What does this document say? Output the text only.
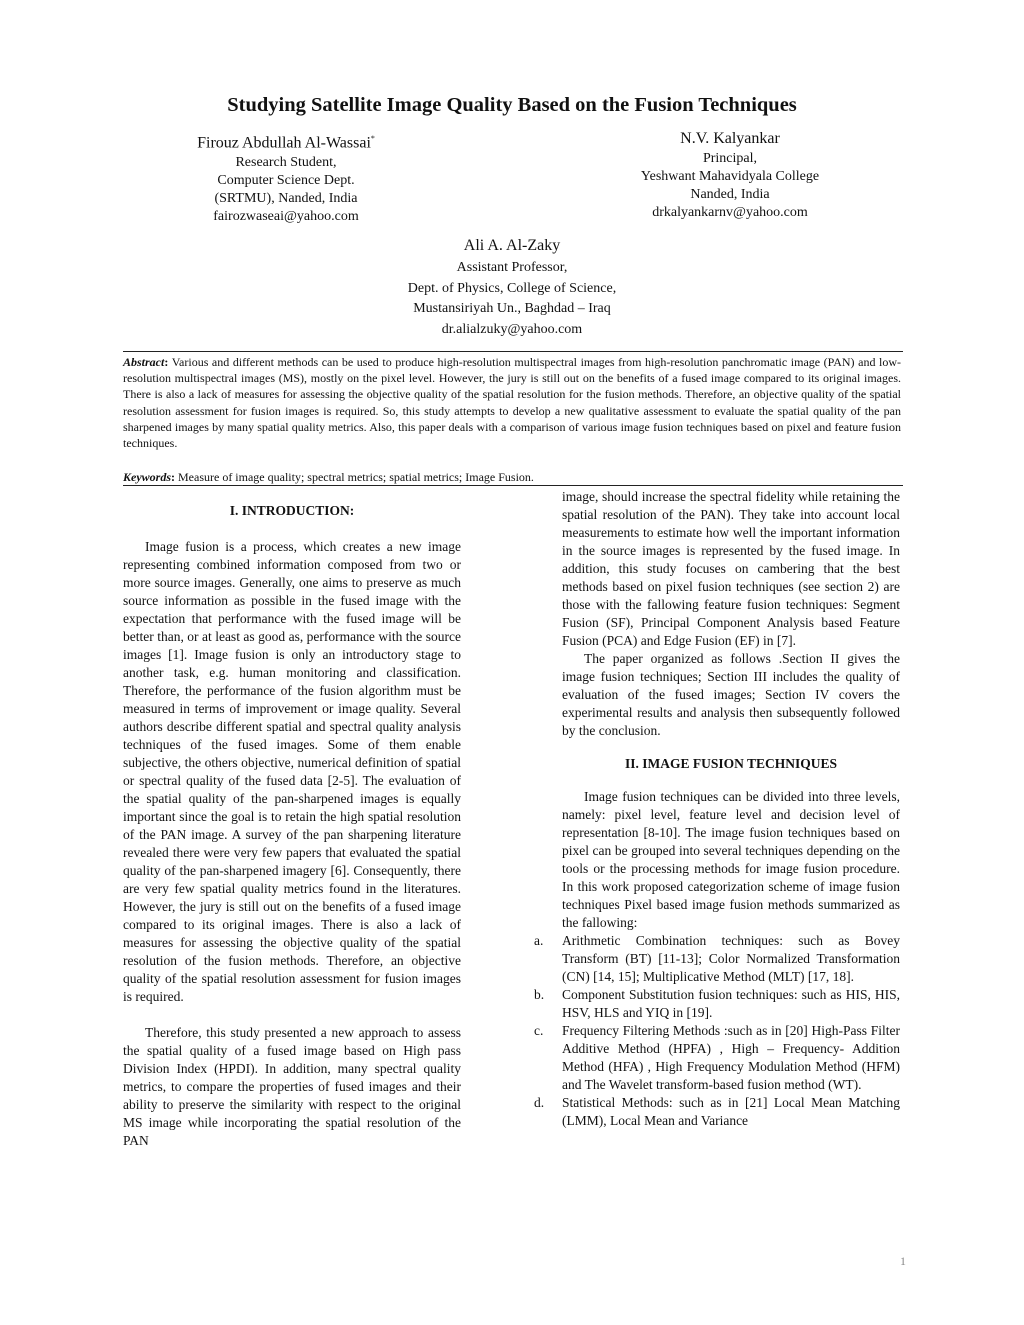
Studying Satellite Image Quality Based on the Fusion Techniques
Firouz Abdullah Al-Wassai*
Research Student,
Computer Science Dept.
(SRTMU), Nanded, India
fairozwaseai@yahoo.com
N.V. Kalyankar
Principal,
Yeshwant Mahavidyala College
Nanded, India
drkalyankarnv@yahoo.com
Ali A. Al-Zaky
Assistant Professor,
Dept. of Physics, College of Science,
Mustansiriyah Un., Baghdad – Iraq
dr.alialzuky@yahoo.com
Abstract: Various and different methods can be used to produce high-resolution multispectral images from high-resolution panchromatic image (PAN) and low-resolution multispectral images (MS), mostly on the pixel level. However, the jury is still out on the benefits of a fused image compared to its original images. There is also a lack of measures for assessing the objective quality of the spatial resolution for the fusion methods. Therefore, an objective quality of the spatial resolution assessment for fusion images is required. So, this study attempts to develop a new qualitative assessment to evaluate the spatial quality of the pan sharpened images by many spatial quality metrics. Also, this paper deals with a comparison of various image fusion techniques based on pixel and feature fusion techniques.
Keywords: Measure of image quality; spectral metrics; spatial metrics; Image Fusion.

I. INTRODUCTION:

Image fusion is a process, which creates a new image representing combined information composed from two or more source images. Generally, one aims to preserve as much source information as possible in the fused image with the expectation that performance with the fused image will be better than, or at least as good as, performance with the source images [1]. Image fusion is only an introductory stage to another task, e.g. human monitoring and classification. Therefore, the performance of the fusion algorithm must be measured in terms of improvement or image quality. Several authors describe different spatial and spectral quality analysis techniques of the fused images. Some of them enable subjective, the others objective, numerical definition of spatial or spectral quality of the fused data [2-5]. The evaluation of the spatial quality of the pan-sharpened images is equally important since the goal is to retain the high spatial resolution of the PAN image. A survey of the pan sharpening literature revealed there were very few papers that evaluated the spatial quality of the pan-sharpened imagery [6]. Consequently, there are very few spatial quality metrics found in the literatures. However, the jury is still out on the benefits of a fused image compared to its original images. There is also a lack of measures for assessing the objective quality of the spatial resolution of the fusion methods. Therefore, an objective quality of the spatial resolution assessment for fusion images is required.

Therefore, this study presented a new approach to assess the spatial quality of a fused image based on High pass Division Index (HPDI). In addition, many spectral quality metrics, to compare the properties of fused images and their ability to preserve the similarity with respect to the original MS image while incorporating the spatial resolution of the PAN

image, should increase the spectral fidelity while retaining the spatial resolution of the PAN). They take into account local measurements to estimate how well the important information in the source images is represented by the fused image. In addition, this study focuses on cambering that the best methods based on pixel fusion techniques (see section 2) are those with the fallowing feature fusion techniques: Segment Fusion (SF), Principal Component Analysis based Feature Fusion (PCA) and Edge Fusion (EF) in [7].

The paper organized as follows .Section II gives the image fusion techniques; Section III includes the quality of evaluation of the fused images; Section IV covers the experimental results and analysis then subsequently followed by the conclusion.

II. IMAGE FUSION TECHNIQUES

Image fusion techniques can be divided into three levels, namely: pixel level, feature level and decision level of representation [8-10]. The image fusion techniques based on pixel can be grouped into several techniques depending on the tools or the processing methods for image fusion procedure. In this work proposed categorization scheme of image fusion techniques Pixel based image fusion methods summarized as the fallowing:

a.	Arithmetic Combination techniques: such as Bovey Transform (BT) [11-13]; Color Normalized Transformation (CN) [14, 15]; Multiplicative Method (MLT) [17, 18].
b.	Component Substitution fusion techniques: such as HIS, HIS, HSV, HLS and YIQ in [19].
c.	Frequency Filtering Methods :such as in [20] High-Pass Filter Additive Method (HPFA) , High – Frequency- Addition Method (HFA) , High Frequency Modulation Method (HFM) and The Wavelet transform-based fusion method (WT).
d.	Statistical Methods: such as in [21] Local Mean Matching (LMM), Local Mean and Variance
1
